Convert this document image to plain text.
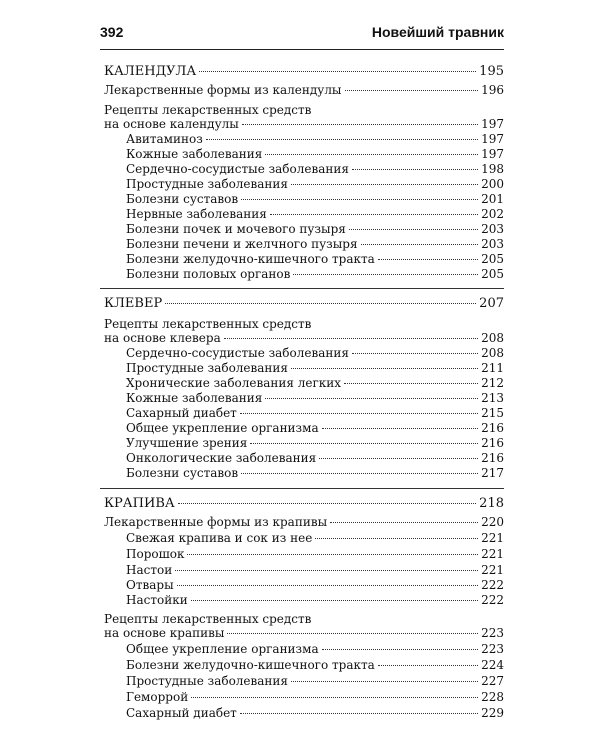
392	Новейший травник
КАЛЕНДУЛА	195
Лекарственные формы из календулы	196
Рецепты лекарственных средств
на основе календулы	197
Авитаминоз	197
Кожные заболевания	197
Сердечно-сосудистые заболевания	198
Простудные заболевания	200
Болезни суставов	201
Нервные заболевания	202
Болезни почек и мочевого пузыря	203
Болезни печени и желчного пузыря	203
Болезни желудочно-кишечного тракта	205
Болезни половых органов	205
КЛЕВЕР	207
Рецепты лекарственных средств
на основе клевера	208
Сердечно-сосудистые заболевания	208
Простудные заболевания	211
Хронические заболевания легких	212
Кожные заболевания	213
Сахарный диабет	215
Общее укрепление организма	216
Улучшение зрения	216
Онкологические заболевания	216
Болезни суставов	217
КРАПИВА	218
Лекарственные формы из крапивы	220
Свежая крапива и сок из нее	221
Порошок	221
Настои	221
Отвары	222
Настойки	222
Рецепты лекарственных средств
на основе крапивы	223
Общее укрепление организма	223
Болезни желудочно-кишечного тракта	224
Простудные заболевания	227
Геморрой	228
Сахарный диабет	229
